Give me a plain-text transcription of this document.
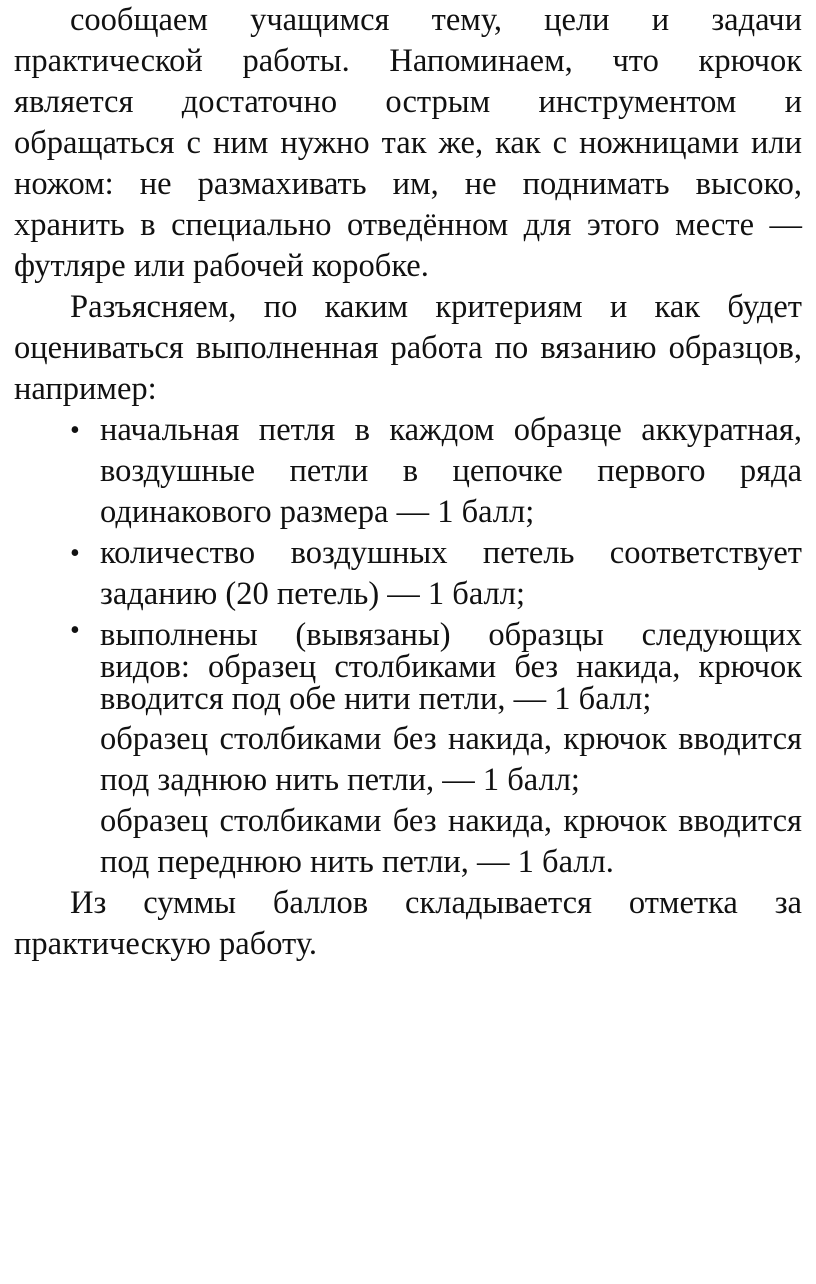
сообщаем учащимся тему, цели и задачи практической работы. Напоминаем, что крючок является достаточно острым инструментом и обращаться с ним нужно так же, как с ножницами или ножом: не размахивать им, не поднимать высоко, хранить в специально отведённом для этого месте — футляре или рабочей коробке.

Разъясняем, по каким критериям и как будет оцениваться выполненная работа по вязанию образцов, например:

• начальная петля в каждом образце аккуратная, воздушные петли в цепочке первого ряда одинакового размера — 1 балл;
• количество воздушных петель соответствует заданию (20 петель) — 1 балл;
• выполнены (вывязаны) образцы следующих видов: образец столбиками без накида, крючок вводится под обе нити петли, — 1 балл;

образец столбиками без накида, крючок вводится под заднюю нить петли, — 1 балл;

образец столбиками без накида, крючок вводится под переднюю нить петли, — 1 балл.

Из суммы баллов складывается отметка за практическую работу.
